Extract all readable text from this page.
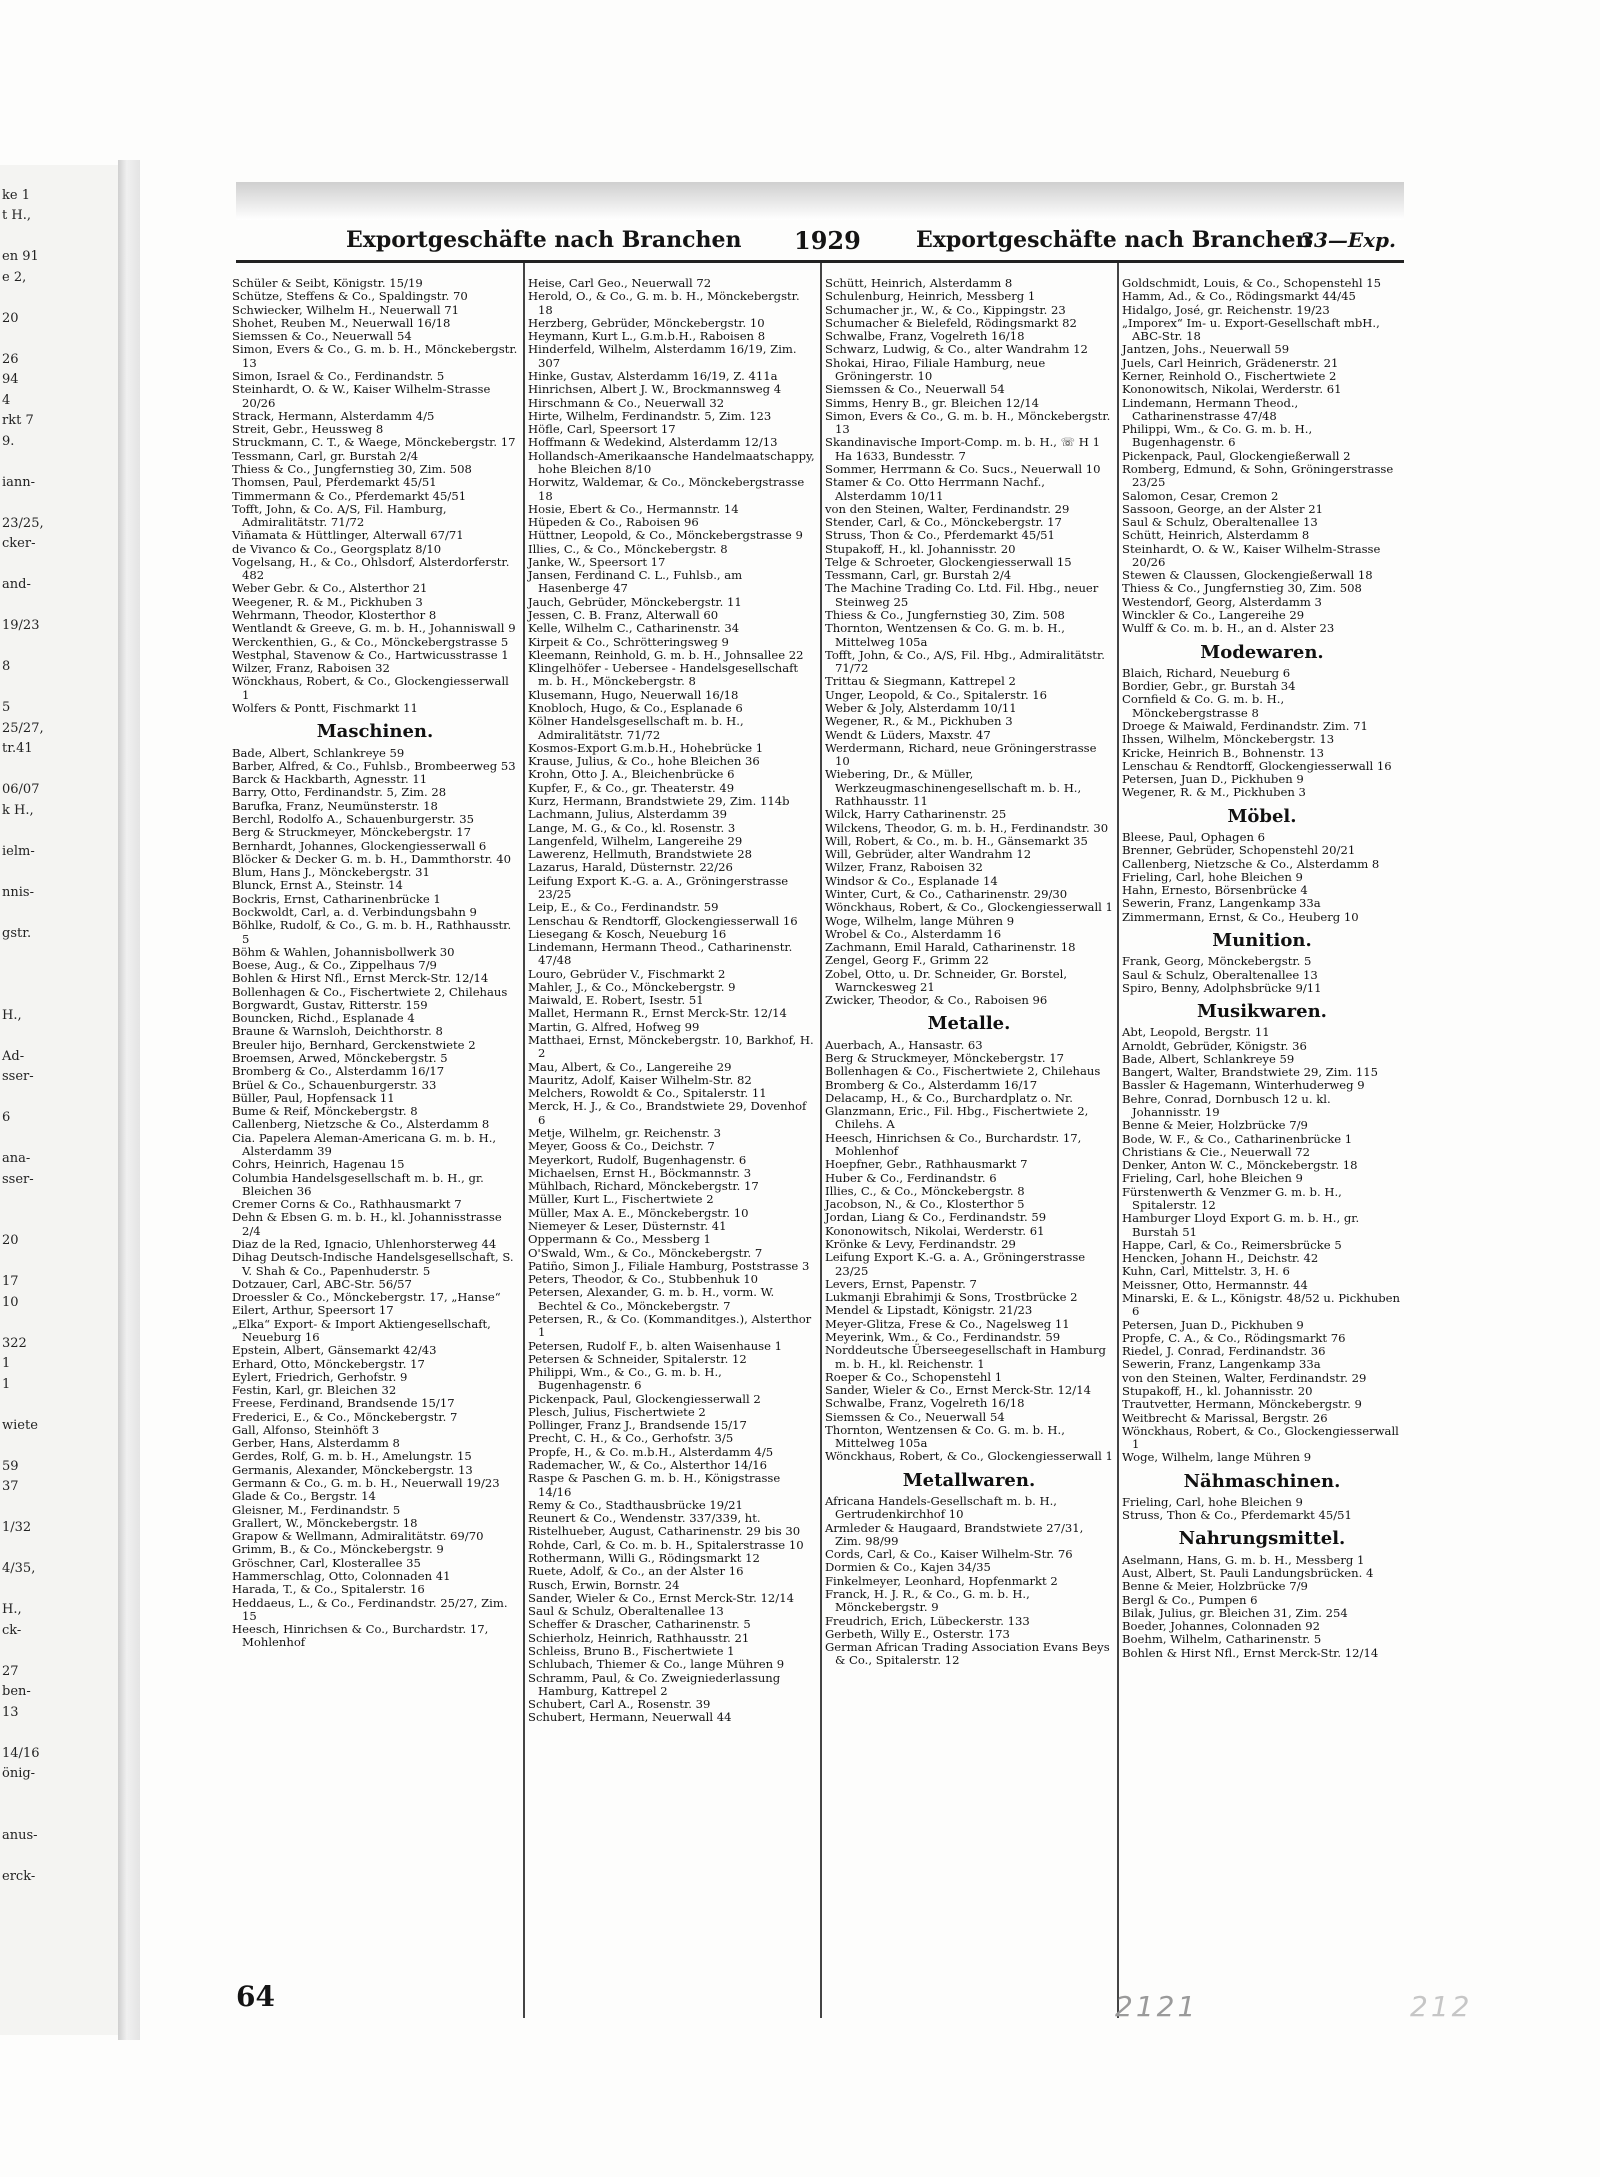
ke 1
t H.,

en 91
e 2,

20

26
94
4
rkt 7
9.

iann-

23/25,
cker-

and-

19/23

8

5
25/27,
tr.41

06/07
k H.,

ielm-

nnis-

gstr.

H.,

Ad-
sser-

6

ana-
sser-

20

17
10

322
1
1

wiete

59
37

1/32

4/35,

H.,
ck-

27
ben-
13

14/16
önig-

anus-

erck-
Exportgeschäfte nach Branchen 1929	Exportgeschäfte nach Branchen
33—Exp.
Schüler & Seibt, Königstr. 15/19
Schütze, Steffens & Co., Spaldingstr. 70
Schwiecker, Wilhelm H., Neuerwall 71
Shohet, Reuben M., Neuerwall 16/18
Siemssen & Co., Neuerwall 54
Simon, Evers & Co., G. m. b. H., Mönckebergstr. 13
Simon, Israel & Co., Ferdinandstr. 5
Steinhardt, O. & W., Kaiser Wilhelm-Strasse 20/26
Strack, Hermann, Alsterdamm 4/5
Streit, Gebr., Heussweg 8
Struckmann, C. T., & Waege, Mönckebergstr. 17
Tessmann, Carl, gr. Burstah 2/4
Thiess & Co., Jungfernstieg 30, Zim. 508
Thomsen, Paul, Pferdemarkt 45/51
Timmermann & Co., Pferdemarkt 45/51
Tofft, John, & Co. A/S, Fil. Hamburg, Admiralitätstr. 71/72
Viñamata & Hüttlinger, Alterwall 67/71
de Vivanco & Co., Georgsplatz 8/10
Vogelsang, H., & Co., Ohlsdorf, Alsterdorferstr. 482
Weber Gebr. & Co., Alsterthor 21
Weegener, R. & M., Pickhuben 3
Wehrmann, Theodor, Klosterthor 8
Wentlandt & Greeve, G. m. b. H., Johanniswall 9
Werckenthien, G., & Co., Mönckebergstrasse 5
Westphal, Stavenow & Co., Hartwicusstrasse 1
Wilzer, Franz, Raboisen 32
Wönckhaus, Robert, & Co., Glockengiesserwall 1
Wolfers & Pontt, Fischmarkt 11
Maschinen.
Bade, Albert, Schlankreye 59
Barber, Alfred, & Co., Fuhlsb., Brombeerweg 53
Barck & Hackbarth, Agnesstr. 11
Barry, Otto, Ferdinandstr. 5, Zim. 28
Barufka, Franz, Neumünsterstr. 18
Berchl, Rodolfo A., Schauenburgerstr. 35
Berg & Struckmeyer, Mönckebergstr. 17
Bernhardt, Johannes, Glockengiesserwall 6
Blöcker & Decker G. m. b. H., Dammthorstr. 40
Blum, Hans J., Mönckebergstr. 31
Blunck, Ernst A., Steinstr. 14
Bockris, Ernst, Catharinenbrücke 1
Bockwoldt, Carl, a. d. Verbindungsbahn 9
Böhlke, Rudolf, & Co., G. m. b. H., Rathhausstr. 5
Böhm & Wahlen, Johannisbollwerk 30
Boese, Aug., & Co., Zippelhaus 7/9
Bohlen & Hirst Nfl., Ernst Merck-Str. 12/14
Bollenhagen & Co., Fischertwiete 2, Chilehaus
Borgwardt, Gustav, Ritterstr. 159
Bouncken, Richd., Esplanade 4
Braune & Warnsloh, Deichthorstr. 8
Breuler hijo, Bernhard, Gerckenstwiete 2
Broemsen, Arwed, Mönckebergstr. 5
Bromberg & Co., Alsterdamm 16/17
Brüel & Co., Schauenburgerstr. 33
Büller, Paul, Hopfensack 11
Bume & Reif, Mönckebergstr. 8
Callenberg, Nietzsche & Co., Alsterdamm 8
Cia. Papelera Aleman-Americana G. m. b. H., Alsterdamm 39
Cohrs, Heinrich, Hagenau 15
Columbia Handelsgesellschaft m. b. H., gr. Bleichen 36
Cremer Corns & Co., Rathhausmarkt 7
Dehn & Ebsen G. m. b. H., kl. Johannisstrasse 2/4
Diaz de la Red, Ignacio, Uhlenhorsterweg 44
Dihag Deutsch-Indische Handelsgesellschaft, S. V. Shah & Co., Papenhuderstr. 5
Dotzauer, Carl, ABC-Str. 56/57
Droessler & Co., Mönckebergstr. 17, „Hanse“
Eilert, Arthur, Speersort 17
„Elka“ Export- & Import Aktiengesellschaft, Neueburg 16
Epstein, Albert, Gänsemarkt 42/43
Erhard, Otto, Mönckebergstr. 17
Eylert, Friedrich, Gerhofstr. 9
Festin, Karl, gr. Bleichen 32
Freese, Ferdinand, Brandsende 15/17
Frederici, E., & Co., Mönckebergstr. 7
Gall, Alfonso, Steinhöft 3
Gerber, Hans, Alsterdamm 8
Gerdes, Rolf, G. m. b. H., Amelungstr. 15
Germanis, Alexander, Mönckebergstr. 13
Germann & Co., G. m. b. H., Neuerwall 19/23
Glade & Co., Bergstr. 14
Gleisner, M., Ferdinandstr. 5
Grallert, W., Mönckebergstr. 18
Grapow & Wellmann, Admiralitätstr. 69/70
Grimm, B., & Co., Mönckebergstr. 9
Gröschner, Carl, Klosterallee 35
Hammerschlag, Otto, Colonnaden 41
Harada, T., & Co., Spitalerstr. 16
Heddaeus, L., & Co., Ferdinandstr. 25/27, Zim. 15
Heesch, Hinrichsen & Co., Burchardstr. 17, Mohlenhof
Heise, Carl Geo., Neuerwall 72
Herold, O., & Co., G. m. b. H., Mönckebergstr. 18
Herzberg, Gebrüder, Mönckebergstr. 10
Heymann, Kurt L., G.m.b.H., Raboisen 8
Hinderfeld, Wilhelm, Alsterdamm 16/19, Zim. 307
Hinke, Gustav, Alsterdamm 16/19, Z. 411a
Hinrichsen, Albert J. W., Brockmannsweg 4
Hirschmann & Co., Neuerwall 32
Hirte, Wilhelm, Ferdinandstr. 5, Zim. 123
Höfle, Carl, Speersort 17
Hoffmann & Wedekind, Alsterdamm 12/13
Hollandsch-Amerikaansche Handelmaatschappy, hohe Bleichen 8/10
Horwitz, Waldemar, & Co., Mönckebergstrasse 18
Hosie, Ebert & Co., Hermannstr. 14
Hüpeden & Co., Raboisen 96
Hüttner, Leopold, & Co., Mönckebergstrasse 9
Illies, C., & Co., Mönckebergstr. 8
Janke, W., Speersort 17
Jansen, Ferdinand C. L., Fuhlsb., am Hasenberge 47
Jauch, Gebrüder, Mönckebergstr. 11
Jessen, C. B. Franz, Alterwall 60
Kelle, Wilhelm C., Catharinenstr. 34
Kirpeit & Co., Schrötteringsweg 9
Kleemann, Reinhold, G. m. b. H., Johnsallee 22
Klingelhöfer - Uebersee - Handelsgesellschaft m. b. H., Mönckebergstr. 8
Klusemann, Hugo, Neuerwall 16/18
Knobloch, Hugo, & Co., Esplanade 6
Kölner Handelsgesellschaft m. b. H., Admiralitätstr. 71/72
Kosmos-Export G.m.b.H., Hohebrücke 1
Krause, Julius, & Co., hohe Bleichen 36
Krohn, Otto J. A., Bleichenbrücke 6
Kupfer, F., & Co., gr. Theaterstr. 49
Kurz, Hermann, Brandstwiete 29, Zim. 114b
Lachmann, Julius, Alsterdamm 39
Lange, M. G., & Co., kl. Rosenstr. 3
Langenfeld, Wilhelm, Langereihe 29
Lawerenz, Hellmuth, Brandstwiete 28
Lazarus, Harald, Düsternstr. 22/26
Leifung Export K.-G. a. A., Gröningerstrasse 23/25
Leip, E., & Co., Ferdinandstr. 59
Lenschau & Rendtorff, Glockengiesserwall 16
Liesegang & Kosch, Neueburg 16
Lindemann, Hermann Theod., Catharinenstr. 47/48
Louro, Gebrüder V., Fischmarkt 2
Mahler, J., & Co., Mönckebergstr. 9
Maiwald, E. Robert, Isestr. 51
Mallet, Hermann R., Ernst Merck-Str. 12/14
Martin, G. Alfred, Hofweg 99
Matthaei, Ernst, Mönckebergstr. 10, Barkhof, H. 2
Mau, Albert, & Co., Langereihe 29
Mauritz, Adolf, Kaiser Wilhelm-Str. 82
Melchers, Rowoldt & Co., Spitalerstr. 11
Merck, H. J., & Co., Brandstwiete 29, Dovenhof 6
Metje, Wilhelm, gr. Reichenstr. 3
Meyer, Gooss & Co., Deichstr. 7
Meyerkort, Rudolf, Bugenhagenstr. 6
Michaelsen, Ernst H., Böckmannstr. 3
Mühlbach, Richard, Mönckebergstr. 17
Müller, Kurt L., Fischertwiete 2
Müller, Max A. E., Mönckebergstr. 10
Niemeyer & Leser, Düsternstr. 41
Oppermann & Co., Messberg 1
O'Swald, Wm., & Co., Mönckebergstr. 7
Patiño, Simon J., Filiale Hamburg, Poststrasse 3
Peters, Theodor, & Co., Stubbenhuk 10
Petersen, Alexander, G. m. b. H., vorm. W. Bechtel & Co., Mönckebergstr. 7
Petersen, R., & Co. (Kommanditges.), Alsterthor 1
Petersen, Rudolf F., b. alten Waisenhause 1
Petersen & Schneider, Spitalerstr. 12
Philippi, Wm., & Co., G. m. b. H., Bugenhagenstr. 6
Pickenpack, Paul, Glockengiesserwall 2
Plesch, Julius, Fischertwiete 2
Pollinger, Franz J., Brandsende 15/17
Precht, C. H., & Co., Gerhofstr. 3/5
Propfe, H., & Co. m.b.H., Alsterdamm 4/5
Rademacher, W., & Co., Alsterthor 14/16
Raspe & Paschen G. m. b. H., Königstrasse 14/16
Remy & Co., Stadthausbrücke 19/21
Reunert & Co., Wendenstr. 337/339, ht.
Ristelhueber, August, Catharinenstr. 29 bis 30
Rohde, Carl, & Co. m. b. H., Spitalerstrasse 10
Rothermann, Willi G., Rödingsmarkt 12
Ruete, Adolf, & Co., an der Alster 16
Rusch, Erwin, Bornstr. 24
Sander, Wieler & Co., Ernst Merck-Str. 12/14
Saul & Schulz, Oberaltenallee 13
Scheffer & Drascher, Catharinenstr. 5
Schierholz, Heinrich, Rathhausstr. 21
Schleiss, Bruno B., Fischertwiete 1
Schlubach, Thiemer & Co., lange Mühren 9
Schramm, Paul, & Co. Zweigniederlassung Hamburg, Kattrepel 2
Schubert, Carl A., Rosenstr. 39
Schubert, Hermann, Neuerwall 44
Schütt, Heinrich, Alsterdamm 8
Schulenburg, Heinrich, Messberg 1
Schumacher jr., W., & Co., Kippingstr. 23
Schumacher & Bielefeld, Rödingsmarkt 82
Schwalbe, Franz, Vogelreth 16/18
Schwarz, Ludwig, & Co., alter Wandrahm 12
Shokai, Hirao, Filiale Hamburg, neue Gröningerstr. 10
Siemssen & Co., Neuerwall 54
Simms, Henry B., gr. Bleichen 12/14
Simon, Evers & Co., G. m. b. H., Mönckebergstr. 13
Skandinavische Import-Comp. m. b. H., ☏ H 1 Ha 1633, Bundesstr. 7
Sommer, Herrmann & Co. Sucs., Neuerwall 10
Stamer & Co. Otto Herrmann Nachf., Alsterdamm 10/11
von den Steinen, Walter, Ferdinandstr. 29
Stender, Carl, & Co., Mönckebergstr. 17
Struss, Thon & Co., Pferdemarkt 45/51
Stupakoff, H., kl. Johannisstr. 20
Telge & Schroeter, Glockengiesserwall 15
Tessmann, Carl, gr. Burstah 2/4
The Machine Trading Co. Ltd. Fil. Hbg., neuer Steinweg 25
Thiess & Co., Jungfernstieg 30, Zim. 508
Thornton, Wentzensen & Co. G. m. b. H., Mittelweg 105a
Tofft, John, & Co., A/S, Fil. Hbg., Admiralitätstr. 71/72
Trittau & Siegmann, Kattrepel 2
Unger, Leopold, & Co., Spitalerstr. 16
Weber & Joly, Alsterdamm 10/11
Wegener, R., & M., Pickhuben 3
Wendt & Lüders, Maxstr. 47
Werdermann, Richard, neue Gröningerstrasse 10
Wiebering, Dr., & Müller, Werkzeugmaschinengesellschaft m. b. H., Rathhausstr. 11
Wilck, Harry Catharinenstr. 25
Wilckens, Theodor, G. m. b. H., Ferdinandstr. 30
Will, Robert, & Co., m. b. H., Gänsemarkt 35
Will, Gebrüder, alter Wandrahm 12
Wilzer, Franz, Raboisen 32
Windsor & Co., Esplanade 14
Winter, Curt, & Co., Catharinenstr. 29/30
Wönckhaus, Robert, & Co., Glockengiesserwall 1
Woge, Wilhelm, lange Mühren 9
Wrobel & Co., Alsterdamm 16
Zachmann, Emil Harald, Catharinenstr. 18
Zengel, Georg F., Grimm 22
Zobel, Otto, u. Dr. Schneider, Gr. Borstel, Warnckesweg 21
Zwicker, Theodor, & Co., Raboisen 96
Metalle.
Auerbach, A., Hansastr. 63
Berg & Struckmeyer, Mönckebergstr. 17
Bollenhagen & Co., Fischertwiete 2, Chilehaus
Bromberg & Co., Alsterdamm 16/17
Delacamp, H., & Co., Burchardplatz o. Nr.
Glanzmann, Eric., Fil. Hbg., Fischertwiete 2, Chilehs. A
Heesch, Hinrichsen & Co., Burchardstr. 17, Mohlenhof
Hoepfner, Gebr., Rathhausmarkt 7
Huber & Co., Ferdinandstr. 6
Illies, C., & Co., Mönckebergstr. 8
Jacobson, N., & Co., Klosterthor 5
Jordan, Liang & Co., Ferdinandstr. 59
Kononowitsch, Nikolai, Werderstr. 61
Krönke & Levy, Ferdinandstr. 29
Leifung Export K.-G. a. A., Gröningerstrasse 23/25
Levers, Ernst, Papenstr. 7
Lukmanji Ebrahimji & Sons, Trostbrücke 2
Mendel & Lipstadt, Königstr. 21/23
Meyer-Glitza, Frese & Co., Nagelsweg 11
Meyerink, Wm., & Co., Ferdinandstr. 59
Norddeutsche Überseegesellschaft in Hamburg m. b. H., kl. Reichenstr. 1
Roeper & Co., Schopenstehl 1
Sander, Wieler & Co., Ernst Merck-Str. 12/14
Schwalbe, Franz, Vogelreth 16/18
Siemssen & Co., Neuerwall 54
Thornton, Wentzensen & Co. G. m. b. H., Mittelweg 105a
Wönckhaus, Robert, & Co., Glockengiesserwall 1
Metallwaren.
Africana Handels-Gesellschaft m. b. H., Gertrudenkirchhof 10
Armleder & Haugaard, Brandstwiete 27/31, Zim. 98/99
Cords, Carl, & Co., Kaiser Wilhelm-Str. 76
Dormien & Co., Kajen 34/35
Finkelmeyer, Leonhard, Hopfenmarkt 2
Franck, H. J. R., & Co., G. m. b. H., Mönckebergstr. 9
Freudrich, Erich, Lübeckerstr. 133
Gerbeth, Willy E., Osterstr. 173
German African Trading Association Evans Beys & Co., Spitalerstr. 12
Goldschmidt, Louis, & Co., Schopenstehl 15
Hamm, Ad., & Co., Rödingsmarkt 44/45
Hidalgo, José, gr. Reichenstr. 19/23
„Imporex“ Im- u. Export-Gesellschaft mbH., ABC-Str. 18
Jantzen, Johs., Neuerwall 59
Juels, Carl Heinrich, Grädenerstr. 21
Kerner, Reinhold O., Fischertwiete 2
Kononowitsch, Nikolai, Werderstr. 61
Lindemann, Hermann Theod., Catharinenstrasse 47/48
Philippi, Wm., & Co. G. m. b. H., Bugenhagenstr. 6
Pickenpack, Paul, Glockengießerwall 2
Romberg, Edmund, & Sohn, Gröningerstrasse 23/25
Salomon, Cesar, Cremon 2
Sassoon, George, an der Alster 21
Saul & Schulz, Oberaltenallee 13
Schütt, Heinrich, Alsterdamm 8
Steinhardt, O. & W., Kaiser Wilhelm-Strasse 20/26
Stewen & Claussen, Glockengießerwall 18
Thiess & Co., Jungfernstieg 30, Zim. 508
Westendorf, Georg, Alsterdamm 3
Winckler & Co., Langereihe 29
Wulff & Co. m. b. H., an d. Alster 23
Modewaren.
Blaich, Richard, Neueburg 6
Bordier, Gebr., gr. Burstah 34
Cornfield & Co. G. m. b. H., Mönckebergstrasse 8
Droege & Maiwald, Ferdinandstr. Zim. 71
Ihssen, Wilhelm, Mönckebergstr. 13
Kricke, Heinrich B., Bohnenstr. 13
Lenschau & Rendtorff, Glockengiesserwall 16
Petersen, Juan D., Pickhuben 9
Wegener, R. & M., Pickhuben 3
Möbel.
Bleese, Paul, Ophagen 6
Brenner, Gebrüder, Schopenstehl 20/21
Callenberg, Nietzsche & Co., Alsterdamm 8
Frieling, Carl, hohe Bleichen 9
Hahn, Ernesto, Börsenbrücke 4
Sewerin, Franz, Langenkamp 33a
Zimmermann, Ernst, & Co., Heuberg 10
Munition.
Frank, Georg, Mönckebergstr. 5
Saul & Schulz, Oberaltenallee 13
Spiro, Benny, Adolphsbrücke 9/11
Musikwaren.
Abt, Leopold, Bergstr. 11
Arnoldt, Gebrüder, Königstr. 36
Bade, Albert, Schlankreye 59
Bangert, Walter, Brandstwiete 29, Zim. 115
Bassler & Hagemann, Winterhuderweg 9
Behre, Conrad, Dornbusch 12 u. kl. Johannisstr. 19
Benne & Meier, Holzbrücke 7/9
Bode, W. F., & Co., Catharinenbrücke 1
Christians & Cie., Neuerwall 72
Denker, Anton W. C., Mönckebergstr. 18
Frieling, Carl, hohe Bleichen 9
Fürstenwerth & Venzmer G. m. b. H., Spitalerstr. 12
Hamburger Lloyd Export G. m. b. H., gr. Burstah 51
Happe, Carl, & Co., Reimersbrücke 5
Hencken, Johann H., Deichstr. 42
Kuhn, Carl, Mittelstr. 3, H. 6
Meissner, Otto, Hermannstr. 44
Minarski, E. & L., Königstr. 48/52 u. Pickhuben 6
Petersen, Juan D., Pickhuben 9
Propfe, C. A., & Co., Rödingsmarkt 76
Riedel, J. Conrad, Ferdinandstr. 36
Sewerin, Franz, Langenkamp 33a
von den Steinen, Walter, Ferdinandstr. 29
Stupakoff, H., kl. Johannisstr. 20
Trautvetter, Hermann, Mönckebergstr. 9
Weitbrecht & Marissal, Bergstr. 26
Wönckhaus, Robert, & Co., Glockengiesserwall 1
Woge, Wilhelm, lange Mühren 9
Nähmaschinen.
Frieling, Carl, hohe Bleichen 9
Struss, Thon & Co., Pferdemarkt 45/51
Nahrungsmittel.
Aselmann, Hans, G. m. b. H., Messberg 1
Aust, Albert, St. Pauli Landungsbrücken. 4
Benne & Meier, Holzbrücke 7/9
Bergl & Co., Pumpen 6
Bilak, Julius, gr. Bleichen 31, Zim. 254
Boeder, Johannes, Colonnaden 92
Boehm, Wilhelm, Catharinenstr. 5
Bohlen & Hirst Nfl., Ernst Merck-Str. 12/14
64	2121	212
